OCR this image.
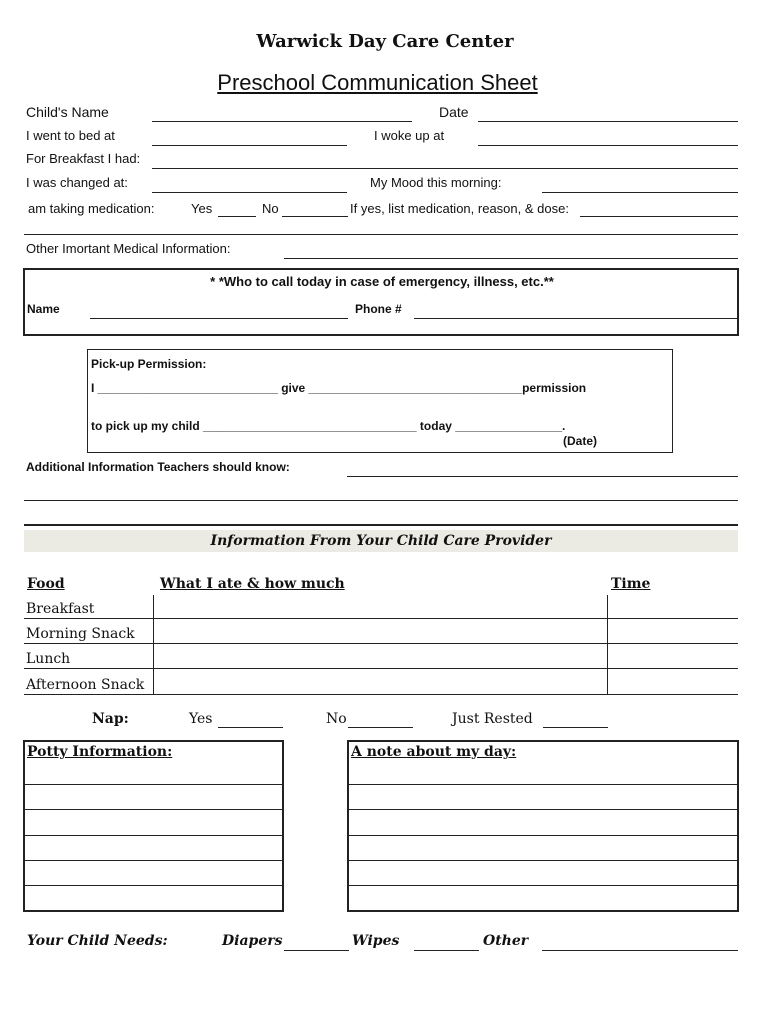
Warwick Day Care Center
Preschool Communication Sheet
Child's Name	Date
I went to bed at	I woke up at
For Breakfast I had:
I was changed at:	My Mood this morning:
am taking medication:	Yes	No	If yes, list medication, reason, & dose:
Other Imortant Medical Information:
* *Who to call today in case of emergency, illness, etc.**
Name	Phone #
Pick-up Permission:
I ___________________________ give ________________________________permission
to pick up my child ________________________________ today ________________.
(Date)
Additional Information Teachers should know:
Information From Your Child Care Provider
Food	What I ate & how much	Time
Breakfast
Morning Snack
Lunch
Afternoon Snack
Nap:	Yes	No	Just Rested
Potty Information:	A note about my day:
Your Child Needs:	Diapers	Wipes	Other
